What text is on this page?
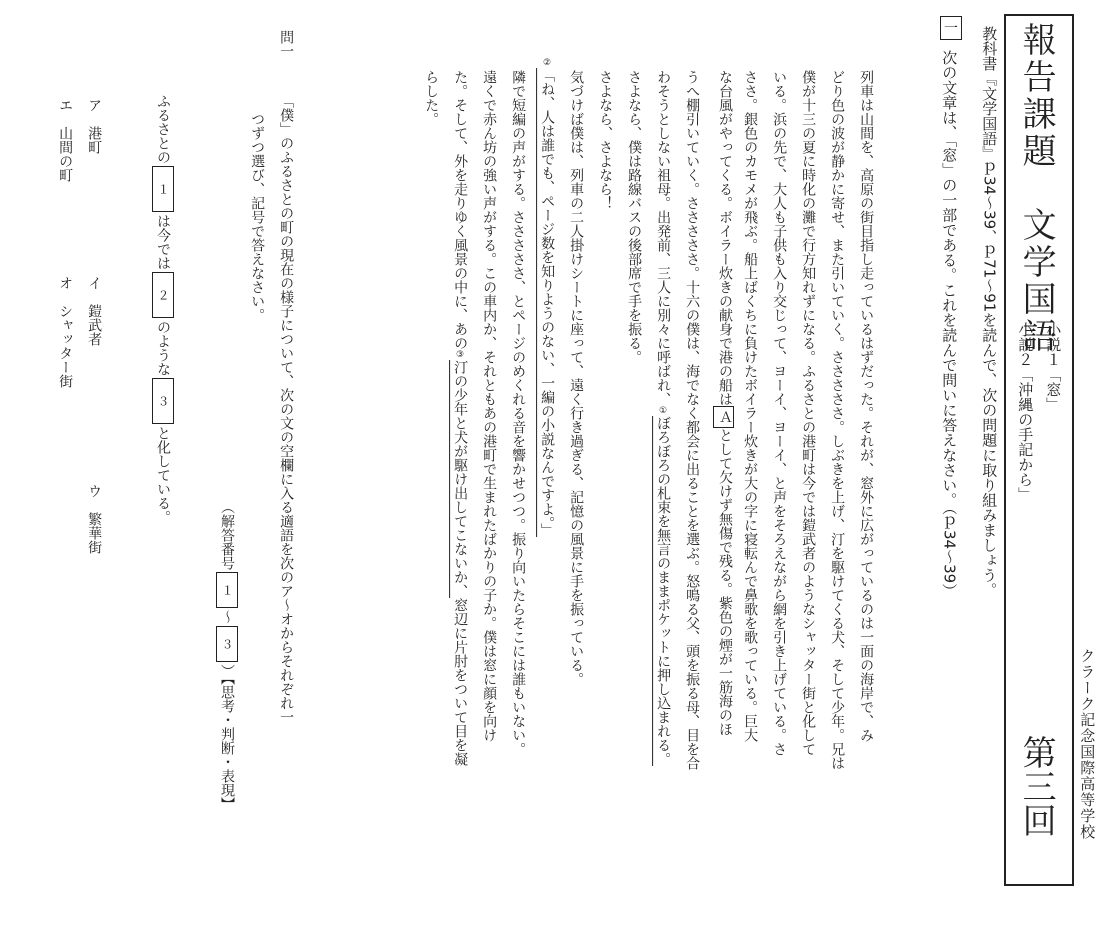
クラーク記念国際高等学校
報告課題　文学国語
第三回
小説１「窓」
小説２「沖縄の手記から」
教科書『文学国語』ｐ34〜39、ｐ71〜91を読んで、次の問題に取り組みましょう。
一
次の文章は、「窓」の一部である。これを読んで問いに答えなさい。（ｐ34〜39）
列車は山間を、高原の街目指し走っているはずだった。それが、窓外に広がっているのは一面の海岸で、み
どり色の波が静かに寄せ、また引いていく。さささささ。しぶきを上げ、汀を駆けてくる犬、そして少年。兄は
僕が十三の夏に時化の灘で行方知れずになる。ふるさとの港町は今では鎧武者のようなシャッター街と化して
いる。浜の先で、大人も子供も入り交じって、ヨーイ、ヨーイ、と声をそろえながら網を引き上げている。さ
ささ。銀色のカモメが飛ぶ。船上ばくちに負けたボイラー炊きが大の字に寝転んで鼻歌を歌っている。巨大
な台風がやってくる。ボイラー炊きの献身で港の船はＡとして欠けず無傷で残る。紫色の煙が一筋海のほ
うへ棚引いていく。さささささ。十六の僕は、海でなく都会に出ることを選ぶ。怒鳴る父、頭を振る母、目を合
わそうとしない祖母。出発前、三人に別々に呼ばれ、①ぼろぼろの札束を無言のままポケットに押し込まれる。
さよなら、僕は路線バスの後部席で手を振る。
さよなら、さよなら！
気づけば僕は、列車の二人掛けシートに座って、遠く行き過ぎる、記憶の風景に手を振っている。
②「ね、人は誰でも、ページ数を知りようのない、一編の小説なんですよ。」
隣で短編の声がする。さささささ、とページのめくれる音を響かせつつ。振り向いたらそこには誰もいない。
遠くで赤ん坊の強い声がする。この車内か、それともあの港町で生まれたばかりの子か。僕は窓に顔を向け
た。そして、外を走りゆく風景の中に、あの③汀の少年と犬が駆け出してこないか、窓辺に片肘をついて目を凝
らした。
問一
「僕」のふるさとの町の現在の様子について、次の文の空欄に入る適語を次のア〜オからそれぞれ一
つずつ選び、記号で答えなさい。
（解答番号１〜３）【思考・判断・表現】
ふるさとの１は今では２のような３と化している。
ア　港町
イ　鎧武者
ウ　繁華街
エ　山間の町
オ　シャッター街
